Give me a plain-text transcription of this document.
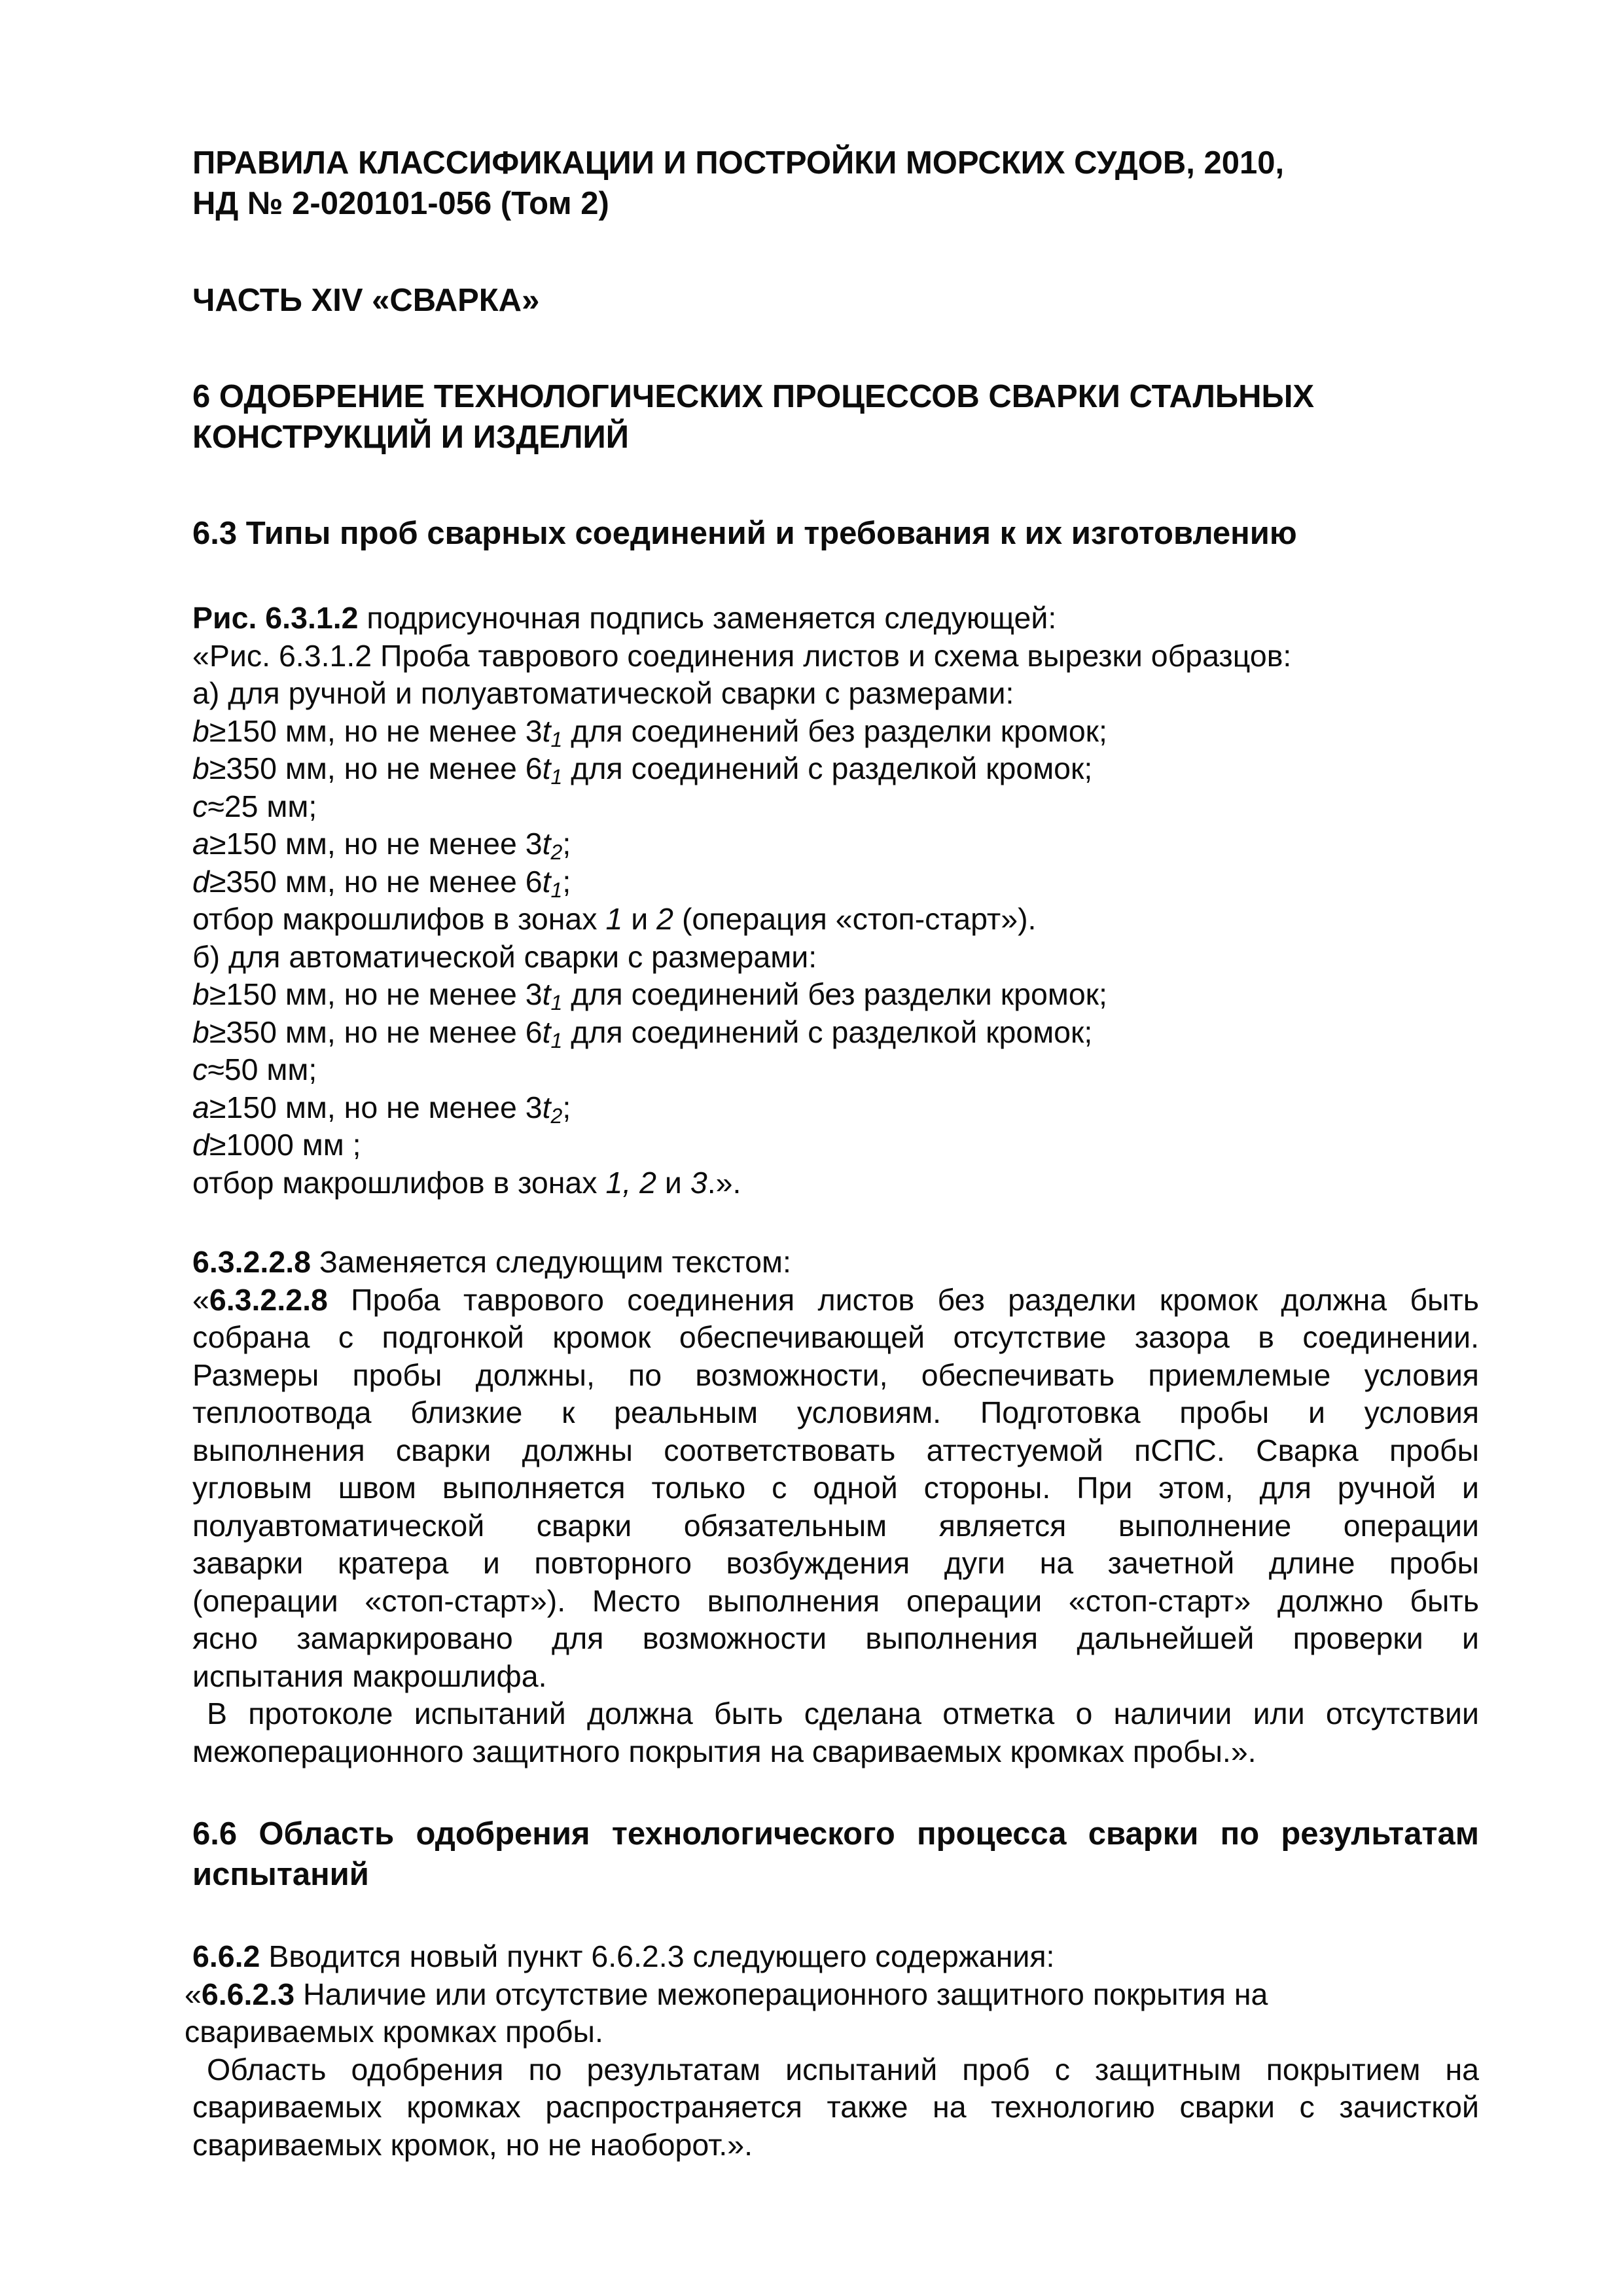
ПРАВИЛА КЛАССИФИКАЦИИ И ПОСТРОЙКИ МОРСКИХ СУДОВ, 2010,
НД № 2-020101-056 (Том 2)
ЧАСТЬ XIV «СВАРКА»
6 ОДОБРЕНИЕ ТЕХНОЛОГИЧЕСКИХ ПРОЦЕССОВ СВАРКИ СТАЛЬНЫХ
КОНСТРУКЦИЙ И ИЗДЕЛИЙ
6.3 Типы проб сварных соединений и требования к их изготовлению
Рис. 6.3.1.2 подрисуночная подпись заменяется следующей:
«Рис. 6.3.1.2 Проба таврового соединения листов и схема вырезки образцов:
а) для ручной и полуавтоматической сварки с размерами:
b≥150 мм, но не менее $3t_1$ для соединений без разделки кромок;
b≥350 мм, но не менее $6t_1$ для соединений с разделкой кромок;
c≈25 мм;
a≥150 мм, но не менее $3t_2$;
d≥350 мм, но не менее $6t_1$;
отбор макрошлифов в зонах 1 и 2 (операция «стоп-старт»).
б) для автоматической сварки с размерами:
b≥150 мм, но не менее $3t_1$ для соединений без разделки кромок;
b≥350 мм, но не менее $6t_1$ для соединений с разделкой кромок;
c≈50 мм;
a≥150 мм, но не менее $3t_2$;
d≥1000 мм ;
отбор макрошлифов в зонах 1, 2 и 3.».
6.3.2.2.8 Заменяется следующим текстом:
«6.3.2.2.8 Проба таврового соединения листов без разделки кромок должна быть
собрана с подгонкой кромок обеспечивающей отсутствие зазора в соединении.
Размеры пробы должны, по возможности, обеспечивать приемлемые условия
теплоотвода близкие к реальным условиям. Подготовка пробы и условия
выполнения сварки должны соответствовать аттестуемой пСПС. Сварка пробы
угловым швом выполняется только с одной стороны. При этом, для ручной и
полуавтоматической сварки обязательным является выполнение операции
заварки кратера и повторного возбуждения дуги на зачетной длине пробы
(операции «стоп-старт»). Место выполнения операции «стоп-старт» должно быть
ясно замаркировано для возможности выполнения дальнейшей проверки и
испытания макрошлифа.
В протоколе испытаний должна быть сделана отметка о наличии или отсутствии
межоперационного защитного покрытия на свариваемых кромках пробы.».
6.6 Область одобрения технологического процесса сварки по результатам
испытаний
6.6.2 Вводится новый пункт 6.6.2.3 следующего содержания:
«6.6.2.3 Наличие или отсутствие межоперационного защитного покрытия на
свариваемых кромках пробы.
Область одобрения по результатам испытаний проб с защитным покрытием на
свариваемых кромках распространяется также на технологию сварки с зачисткой
свариваемых кромок, но не наоборот.».
